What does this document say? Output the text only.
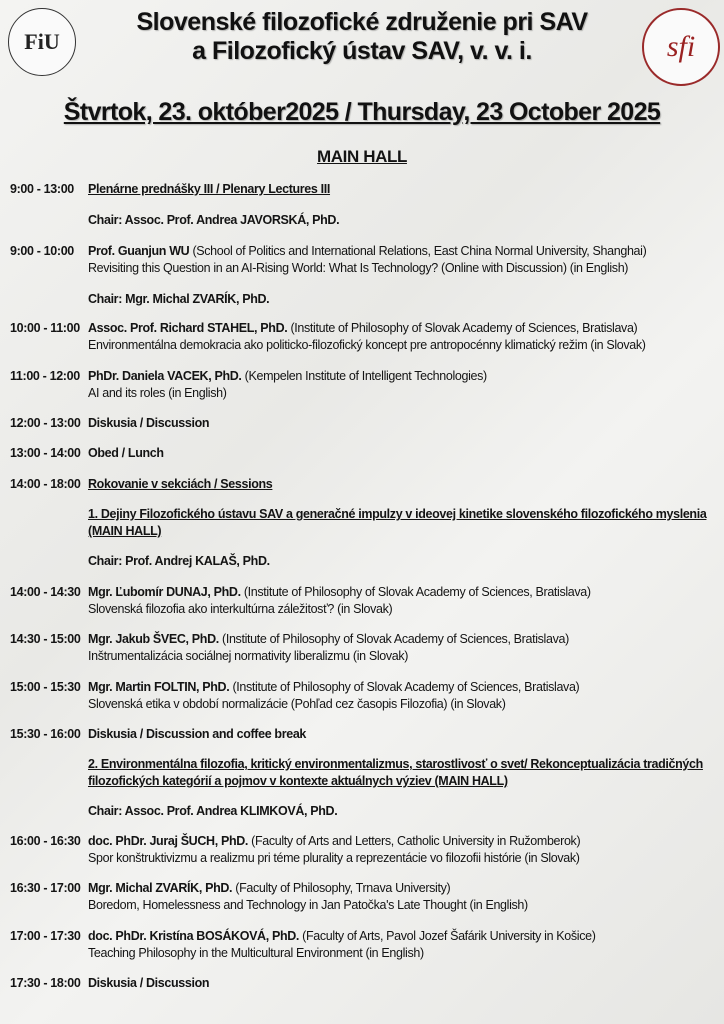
FiU	sfi
Slovenské filozofické združenie pri SAV
a Filozofický ústav SAV, v. v. i.
Štvrtok, 23. október2025 / Thursday, 23 October 2025
MAIN HALL
9:00 - 13:00	Plenárne prednášky III / Plenary Lectures III
Chair: Assoc. Prof. Andrea JAVORSKÁ, PhD.
9:00 - 10:00	Prof. Guanjun WU (School of Politics and International Relations, East China Normal University, Shanghai)
Revisiting this Question in an AI-Rising World: What Is Technology? (Online with Discussion) (in English)
Chair: Mgr. Michal ZVARÍK, PhD.
10:00 - 11:00 Assoc. Prof. Richard STAHEL, PhD. (Institute of Philosophy of Slovak Academy of Sciences, Bratislava)
Environmentálna demokracia ako politicko-filozofický koncept pre antropocénny klimatický režim (in Slovak)
11:00 - 12:00 PhDr. Daniela VACEK, PhD. (Kempelen Institute of Intelligent Technologies)
AI and its roles (in English)
12:00 - 13:00 Diskusia / Discussion
13:00 - 14:00 Obed / Lunch
14:00 - 18:00 Rokovanie v sekciách / Sessions
1. Dejiny Filozofického ústavu SAV a generačné impulzy v ideovej kinetike slovenského filozofického myslenia
(MAIN HALL)
Chair: Prof. Andrej KALAŠ, PhD.
14:00 - 14:30 Mgr. Ľubomír DUNAJ, PhD. (Institute of Philosophy of Slovak Academy of Sciences, Bratislava)
Slovenská filozofia ako interkultúrna záležitosť? (in Slovak)
14:30 - 15:00 Mgr. Jakub ŠVEC, PhD. (Institute of Philosophy of Slovak Academy of Sciences, Bratislava)
Inštrumentalizácia sociálnej normativity liberalizmu (in Slovak)
15:00 - 15:30 Mgr. Martin FOLTIN, PhD. (Institute of Philosophy of Slovak Academy of Sciences, Bratislava)
Slovenská etika v období normalizácie (Pohľad cez časopis Filozofia) (in Slovak)
15:30 - 16:00 Diskusia / Discussion and coffee break
2. Environmentálna filozofia, kritický environmentalizmus, starostlivosť o svet/ Rekonceptualizácia tradičných
filozofických kategórií a pojmov v kontexte aktuálnych výziev (MAIN HALL)
Chair: Assoc. Prof. Andrea KLIMKOVÁ, PhD.
16:00 - 16:30 doc. PhDr. Juraj ŠUCH, PhD. (Faculty of Arts and Letters, Catholic University in Ružomberok)
Spor konštruktivizmu a realizmu pri téme plurality a reprezentácie vo filozofii histórie (in Slovak)
16:30 - 17:00 Mgr. Michal ZVARÍK, PhD. (Faculty of Philosophy, Trnava University)
Boredom, Homelessness and Technology in Jan Patočka's Late Thought (in English)
17:00 - 17:30 doc. PhDr. Kristína BOSÁKOVÁ, PhD. (Faculty of Arts, Pavol Jozef Šafárik University in Košice)
Teaching Philosophy in the Multicultural Environment (in English)
17:30 - 18:00 Diskusia / Discussion
